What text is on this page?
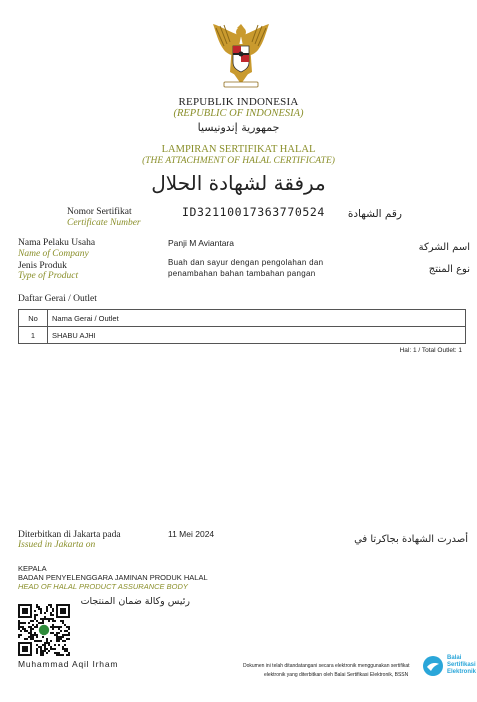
REPUBLIK INDONESIA
(REPUBLIC OF INDONESIA)
جمهورية إندونيسيا
LAMPIRAN SERTIFIKAT HALAL
(THE ATTACHMENT OF HALAL CERTIFICATE)
مرفقة لشهادة الحلال
Nomor Sertifikat
Certificate Number
ID32110017363770524	رقم الشهادة
Nama Pelaku Usaha
Name of Company
Panji M Aviantara	اسم الشركة
Jenis Produk
Type of Product
Buah dan sayur dengan pengolahan dan
penambahan bahan tambahan pangan	نوع المنتج
Daftar Gerai / Outlet
No	Nama Gerai / Outlet
1	SHABU AJHI
Hal: 1 / Total Outlet: 1
Diterbitkan di Jakarta pada
Issued in Jakarta on
11 Mei 2024	أصدرت الشهادة بجاكرتا في
KEPALA
BADAN PENYELENGGARA JAMINAN PRODUK HALAL
HEAD OF HALAL PRODUCT ASSURANCE BODY
رئيس وكالة ضمان المنتجات
Muhammad Aqil Irham	Dokumen ini telah ditandatangani secara elektronik menggunakan sertifikat
elektronik yang diterbitkan oleh Balai Sertifikasi Elektronik, BSSN
Balai
Sertifikasi
Elektronik
